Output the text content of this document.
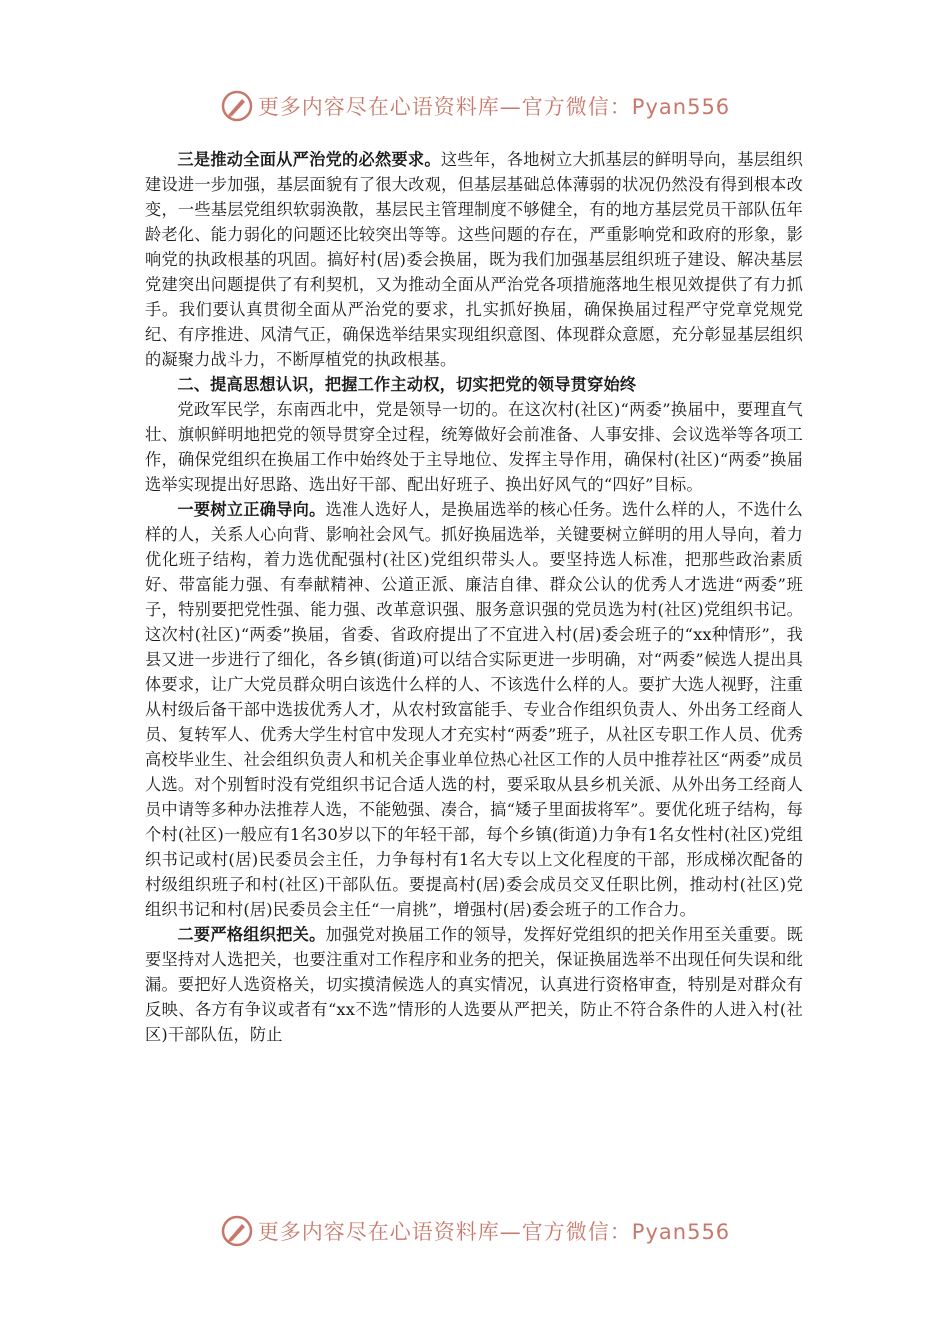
更多内容尽在心语资料库—官方微信：Pyan556

三是推动全面从严治党的必然要求。这些年，各地树立大抓基层的鲜明导向，基层组织建设进一步加强，基层面貌有了很大改观，但基层基础总体薄弱的状况仍然没有得到根本改变，一些基层党组织软弱涣散，基层民主管理制度不够健全，有的地方基层党员干部队伍年龄老化、能力弱化的问题还比较突出等等。这些问题的存在，严重影响党和政府的形象，影响党的执政根基的巩固。搞好村(居)委会换届，既为我们加强基层组织班子建设、解决基层党建突出问题提供了有利契机，又为推动全面从严治党各项措施落地生根见效提供了有力抓手。我们要认真贯彻全面从严治党的要求，扎实抓好换届，确保换届过程严守党章党规党纪、有序推进、风清气正，确保选举结果实现组织意图、体现群众意愿，充分彰显基层组织的凝聚力战斗力，不断厚植党的执政根基。

二、提高思想认识，把握工作主动权，切实把党的领导贯穿始终

党政军民学，东南西北中，党是领导一切的。在这次村(社区)“两委”换届中，要理直气壮、旗帜鲜明地把党的领导贯穿全过程，统筹做好会前准备、人事安排、会议选举等各项工作，确保党组织在换届工作中始终处于主导地位、发挥主导作用，确保村(社区)“两委”换届选举实现提出好思路、选出好干部、配出好班子、换出好风气的“四好”目标。

一要树立正确导向。选准人选好人，是换届选举的核心任务。选什么样的人，不选什么样的人，关系人心向背、影响社会风气。抓好换届选举，关键要树立鲜明的用人导向，着力优化班子结构，着力选优配强村(社区)党组织带头人。要坚持选人标准，把那些政治素质好、带富能力强、有奉献精神、公道正派、廉洁自律、群众公认的优秀人才选进“两委”班子，特别要把党性强、能力强、改革意识强、服务意识强的党员选为村(社区)党组织书记。这次村(社区)“两委”换届，省委、省政府提出了不宜进入村(居)委会班子的“xx种情形”，我县又进一步进行了细化，各乡镇(街道)可以结合实际更进一步明确，对“两委”候选人提出具体要求，让广大党员群众明白该选什么样的人、不该选什么样的人。要扩大选人视野，注重从村级后备干部中选拔优秀人才，从农村致富能手、专业合作组织负责人、外出务工经商人员、复转军人、优秀大学生村官中发现人才充实村“两委”班子，从社区专职工作人员、优秀高校毕业生、社会组织负责人和机关企事业单位热心社区工作的人员中推荐社区“两委”成员人选。对个别暂时没有党组织书记合适人选的村，要采取从县乡机关派、从外出务工经商人员中请等多种办法推荐人选，不能勉强、凑合，搞“矮子里面拔将军”。要优化班子结构，每个村(社区)一般应有1名30岁以下的年轻干部，每个乡镇(街道)力争有1名女性村(社区)党组织书记或村(居)民委员会主任，力争每村有1名大专以上文化程度的干部，形成梯次配备的村级组织班子和村(社区)干部队伍。要提高村(居)委会成员交叉任职比例，推动村(社区)党组织书记和村(居)民委员会主任“一肩挑”，增强村(居)委会班子的工作合力。

二要严格组织把关。加强党对换届工作的领导，发挥好党组织的把关作用至关重要。既要坚持对人选把关，也要注重对工作程序和业务的把关，保证换届选举不出现任何失误和纰漏。要把好人选资格关，切实摸清候选人的真实情况，认真进行资格审查，特别是对群众有反映、各方有争议或者有“xx不选”情形的人选要从严把关，防止不符合条件的人进入村(社区)干部队伍，防止

更多内容尽在心语资料库—官方微信：Pyan556
